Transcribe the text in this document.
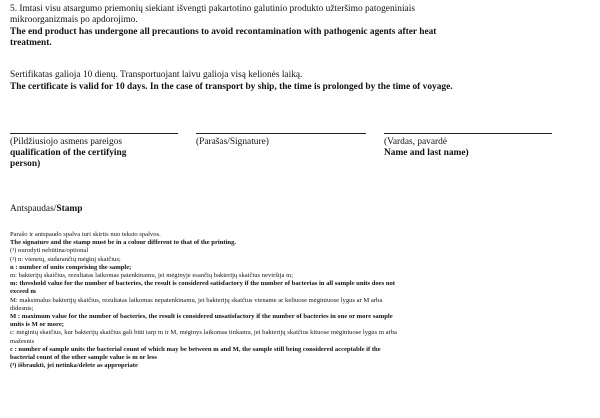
5. Imtasi visu atsargumo priemonių siekiant išvengti pakartotino galutinio produkto užteršimo patogeniniais
mikroorganizmais po apdorojimo.
The end product has undergone all precautions to avoid recontamination with pathogenic agents after heat
treatment.
Sertifikatas galioja 10 dienų. Transportuojant laivu galioja visą kelionės laiką.
The certificate is valid for 10 days. In the case of transport by ship, the time is prolonged by the time of voyage.
(Pildžiusiojo asmens pareigos
qualification of the certifying
person)
(Parašas/Signature)	(Vardas, pavardė
Name and last name)
Antspaudas/Stamp
Parašo ir antspaudo spalva turi skirtis nuo teksto spalvos.
The signature and the stamp must be in a colour different to that of the printing.
(¹) nurodyti nebūtina/optional
(²) n: vienetų, sudarančių mėginį skaičius;
n : number of units comprising the sample;
m: bakterijų skaičius, rezultatas laikomas patenkinamu, jei mėginyje esančių bakterijų skaičius neviršija m;
m: threshold value for the number of bacteries, the result is considered satisfactory if the number of bacterias in all sample units does not
exceed m
M: maksimalus bakterijų skaičius, rezultatas laikomas nepatenkinamu, jei bakterijų skaičius viename ar keliuose mėginiuose lygus ar M arba
didesnis;
M : maximum value for the number of bacteries, the result is considered unsatisfactory if the number of bacteries in one or more sample
units is M or more;
c: mėginių skaičius, kur bakterijų skaičius gali būti tarp m ir M, mėginys laikomas tinkamu, jei bakterijų skaičius kituose mėginiuose lygus m arba
mažesnis
c : number of sample units the bacterial count of which may be between m and M, the sample still being considered acceptable if the
bacterial count of the other sample value is m or less
(³) išbraukti, jei netinka/delete as appropriate
